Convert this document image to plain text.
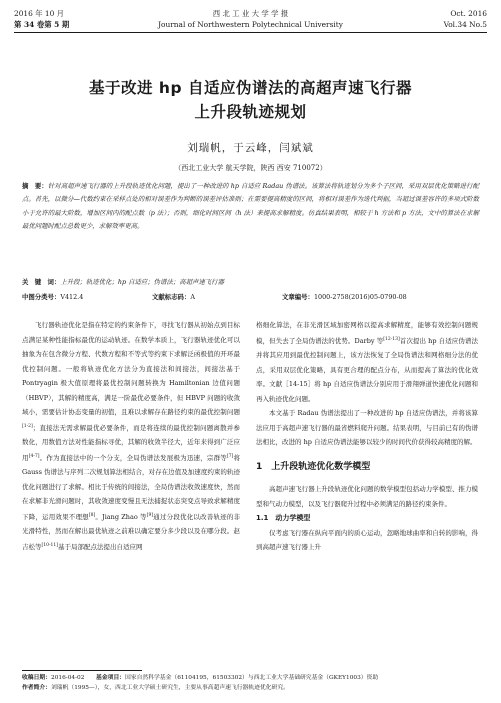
2016 年 10 月
第 34 卷第 5 期
西 北 工 业 大 学 学 报
Journal of Northwestern Polytechnical University
Oct. 2016
Vol.34 No.5
基于改进 hp 自适应伪谱法的高超声速飞行器
上升段轨迹规划
刘瑞帆，于云峰，闫斌斌
（西北工业大学 航天学院，陕西 西安 710072）
摘　要：针对高超声速飞行器的上升段轨迹优化问题，提出了一种改进的 hp 自适应 Radau 伪谱法。该算法将轨迹划分为多个子区间，采用双层优化策略进行配点。首先，以微分—代数约束在采样点处的相对误差作为判断的误差评估准则；在需要提高精度的区间，将相对误差作为迭代判据，当超过误差容许的多项式阶数小于允许的最大阶数，增加区间内的配点数（p 法）；否则，细化时间区间（h 法）来提高求解精度。仿真结果表明，相较于 h 方法和 p 方法，文中的算法在求解最优问题时配点总数更少，求解效率更高。
关　键　词：上升段；轨迹优化；hp 自适应；伪谱法；高超声速飞行器
中图分类号：V412.4	文献标志码：A	文章编号：1000-2758(2016)05-0790-08

飞行器轨迹优化是指在特定的约束条件下，寻找飞行器从初始点到目标点满足某种性能指标最优的运动轨迹。在数学本质上，飞行器轨迹优化可以抽象为在包含微分方程、代数方程和不等式等约束下求解泛函极值的开环最优控制问题。一般将轨迹优化方法分为直接法和间接法，间接法基于 Pontryagin 极大值原理将最优控制问题转换为 Hamiltonian 边值问题（HBVP），其解的精度高，满足一阶最优必要条件，但 HBVP 问题的收敛域小，需要估计协态变量的初值，且难以求解存在路径约束的最优控制问题[1-2]；直接法无需求解最优必要条件，而是将连续的最优控制问题离散并参数化，用数值方法对性能指标寻优，其解的收敛半径大，近年来得到广泛应用[4-7]。作为直接法中的一个分支，全局伪谱法发展极为迅速，宗群等[7]将 Gauss 伪谱法与序列二次规划算法相结合，对存在边值及加速度约束的轨迹优化问题进行了求解。相比于传统的间接法，全局伪谱法收敛速度快，然而在求解非光滑问题时，其收敛速度变慢且无法捕捉状态突变点导致求解精度下降，运用效果不理想[8]。Jiang Zhao 等[9]通过分段优化以改善轨迹的非光滑特性，然而在解出最优轨迹之前难以确定要分多少段以及在哪分段。赵吉松等[10-11]基于局部配点法提出自适应网

格细化算法，在非光滑区域加密网格以提高求解精度，能够有效控制问题规模，但失去了全局伪谱法的优势。Darby 等[12-13]首次提出 hp 自适应伪谱法并将其应用到最优控制问题上，该方法恢复了全局伪谱法和网格细分法的优点，采用双层优化策略，具有更合理的配点分布，从而提高了算法的优化效率。文献［14-15］将 hp 自适应伪谱法分别应用于滑翔弹道快速优化问题和再入轨迹优化问题。

本文基于 Radau 伪谱法提出了一种改进的 hp 自适应伪谱法，并将该算法应用于高超声速飞行器的最省燃料爬升问题。结果表明，与目前已有的伪谱法相比，改进的 hp 自适应伪谱法能够以较少的时间代价获得较高精度的解。

1　上升段轨迹优化数学模型

高超声速飞行器上升段轨迹优化问题的数学模型包括动力学模型、推力模型和气动力模型，以及飞行器爬升过程中必须满足的路径约束条件。

1.1　动力学模型

仅考虑飞行器在纵向平面内的质心运动，忽略地球曲率和自转的影响，得到高超声速飞行器上升

收稿日期：2016-04-02　　 基金项目：国家自然科学基金（61104195，61503302）与西北工业大学基础研究基金（GKEY1003）资助
作者简介：刘瑞帆（1995—），女，西北工业大学硕士研究生，主要从事高超声速飞行器轨迹优化研究。
